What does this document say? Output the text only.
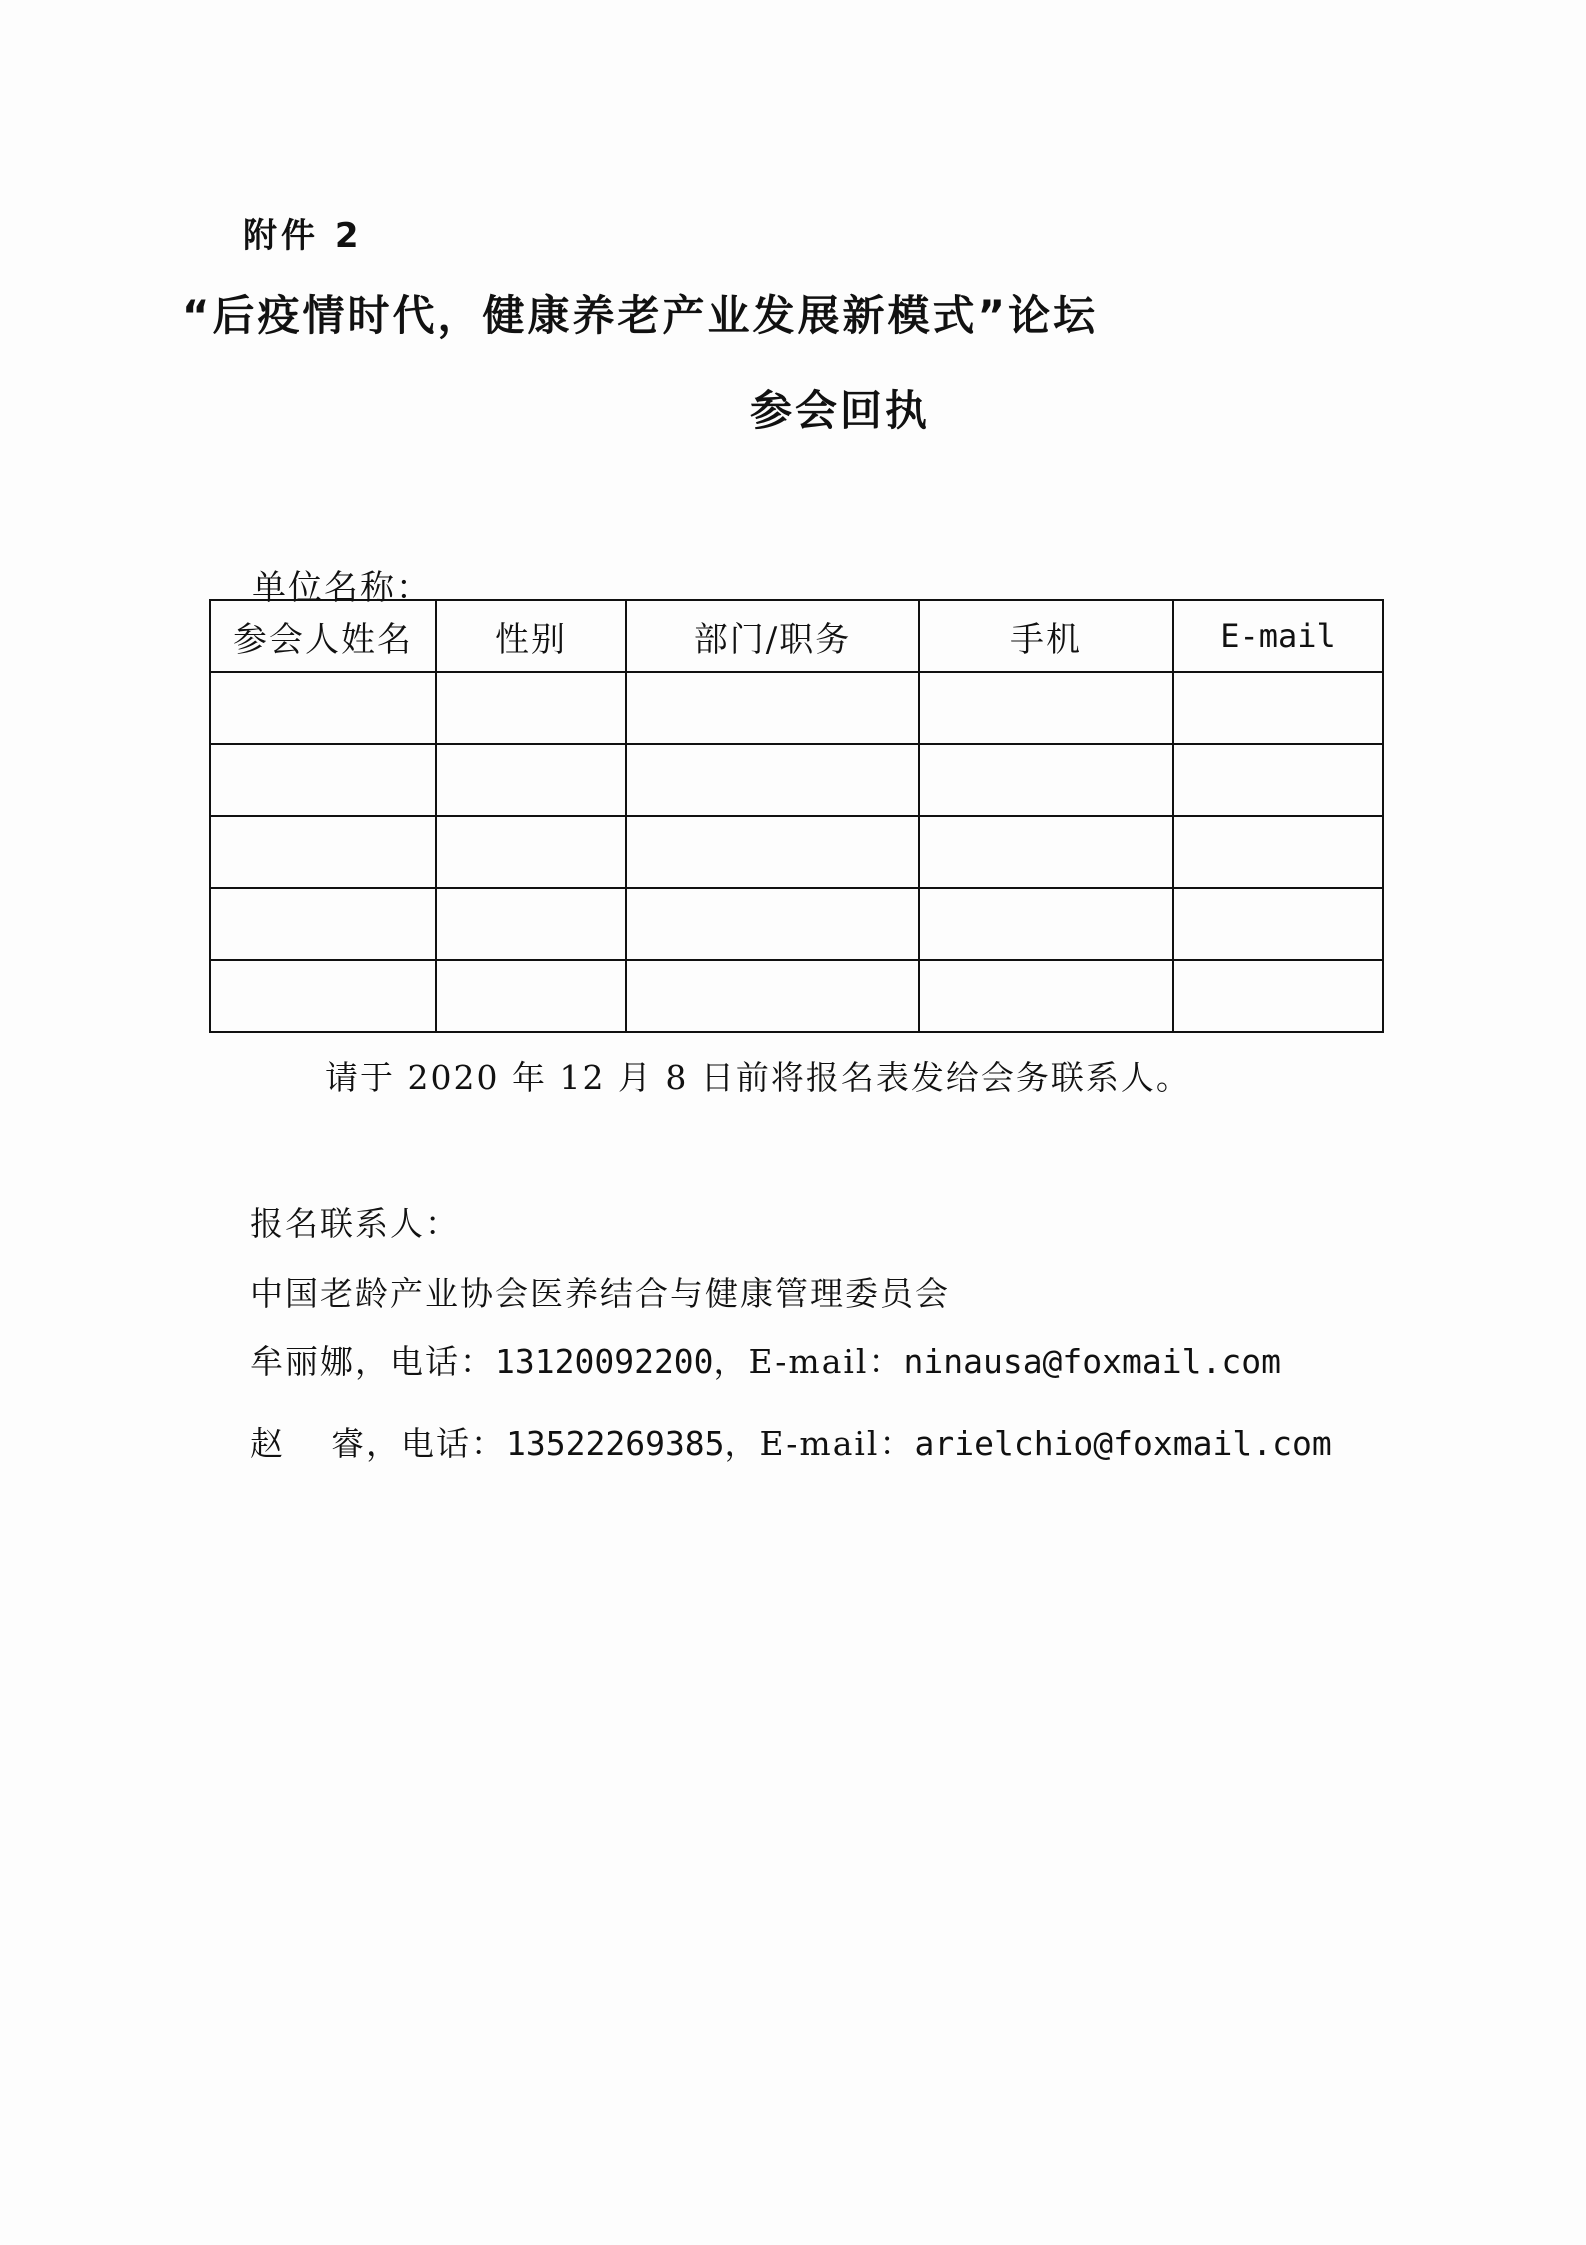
附件 2
“后疫情时代，健康养老产业发展新模式”论坛
参会回执
单位名称：
参会人姓名	性别	部门/职务	手机	E-mail

请于 2020 年 12 月 8 日前将报名表发给会务联系人。
报名联系人：
中国老龄产业协会医养结合与健康管理委员会
牟丽娜，电话：13120092200，E-mail：ninausa@foxmail.com
赵 睿，电话：13522269385，E-mail：arielchio@foxmail.com
